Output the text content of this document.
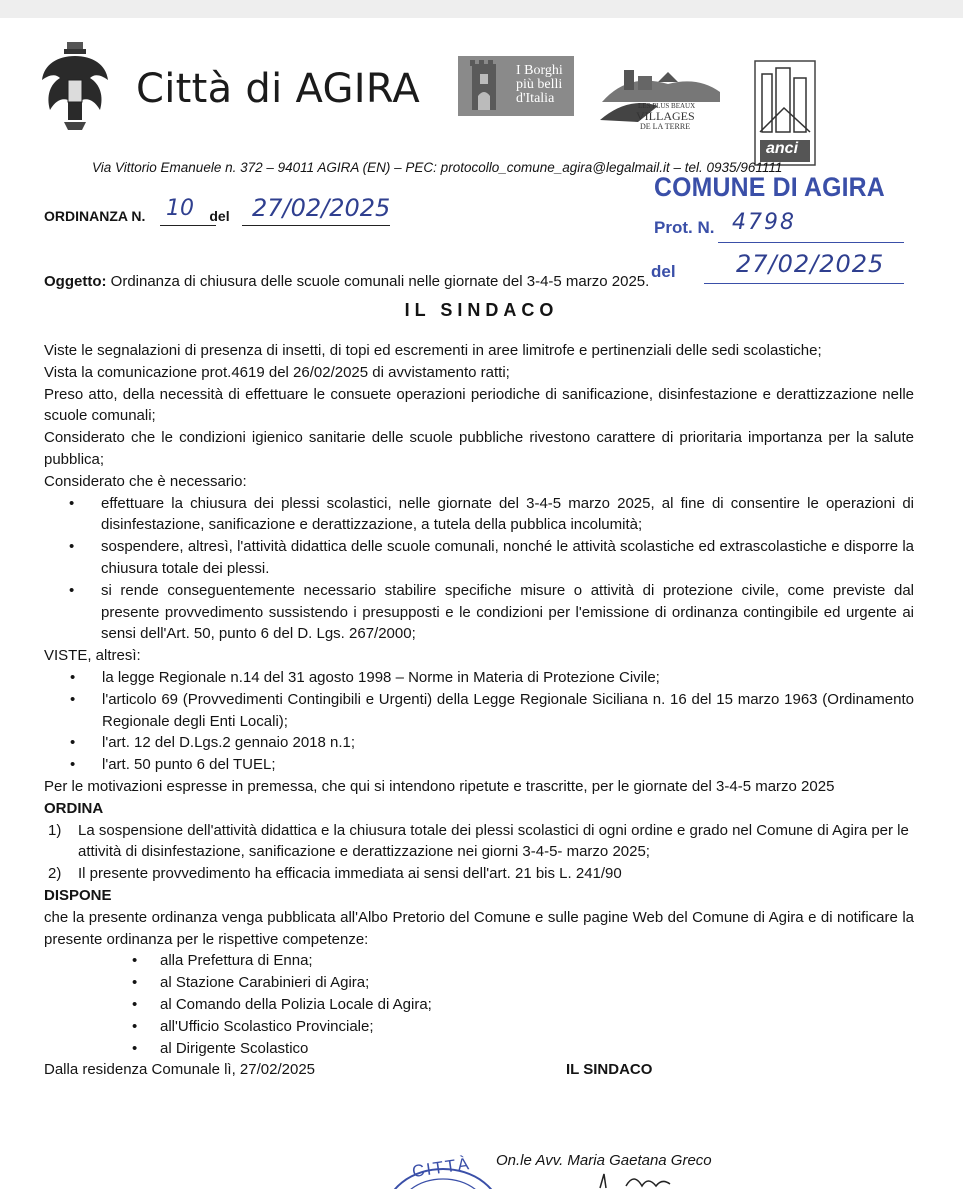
Città di AGIRA	I Borghi
più belli
d'Italia	LES PLUS BEAUX
VILLAGES
DE LA TERRE
anci
Via Vittorio Emanuele n. 372 – 94011 AGIRA (EN) – PEC: protocollo_comune_agira@legalmail.it – tel. 0935/961111
COMUNE DI AGIRA
Prot. N. 4798
del	27/02/2025
ORDINANZA N.	del
10 27/02/2025
Oggetto: Ordinanza di chiusura delle scuole comunali nelle giornate del 3-4-5 marzo 2025.
IL SINDACO

Viste le segnalazioni di presenza di insetti, di topi ed escrementi in aree limitrofe e pertinenziali delle sedi scolastiche;

Vista la comunicazione prot.4619 del 26/02/2025 di avvistamento ratti;

Preso atto, della necessità di effettuare le consuete operazioni periodiche di sanificazione, disinfestazione e derattizzazione nelle scuole comunali;

Considerato che le condizioni igienico sanitarie delle scuole pubbliche rivestono carattere di prioritaria importanza per la salute pubblica;

Considerato che è necessario:

• effettuare la chiusura dei plessi scolastici, nelle giornate del 3-4-5 marzo 2025, al fine di consentire le operazioni di disinfestazione, sanificazione e derattizzazione, a tutela della pubblica incolumità;
• sospendere, altresì, l'attività didattica delle scuole comunali, nonché le attività scolastiche ed extrascolastiche e disporre la chiusura totale dei plessi.
• si rende conseguentemente necessario stabilire specifiche misure o attività di protezione civile, come previste dal presente provvedimento sussistendo i presupposti e le condizioni per l'emissione di ordinanza contingibile ed urgente ai sensi dell'Art. 50, punto 6 del D. Lgs. 267/2000;

VISTE, altresì:

• la legge Regionale n.14 del 31 agosto 1998 – Norme in Materia di Protezione Civile;
• l'articolo 69 (Provvedimenti Contingibili e Urgenti) della Legge Regionale Siciliana n. 16 del 15 marzo 1963 (Ordinamento Regionale degli Enti Locali);
• l'art. 12 del D.Lgs.2 gennaio 2018 n.1;
• l'art. 50 punto 6 del TUEL;

Per le motivazioni espresse in premessa, che qui si intendono ripetute e trascritte, per le giornate del 3-4-5 marzo 2025

ORDINA

1) La sospensione dell'attività didattica e la chiusura totale dei plessi scolastici di ogni ordine e grado nel Comune di Agira per le attività di disinfestazione, sanificazione e derattizzazione nei giorni 3-4-5- marzo 2025;
2) Il presente provvedimento ha efficacia immediata ai sensi dell'art. 21 bis L. 241/90

DISPONE

che la presente ordinanza venga pubblicata all'Albo Pretorio del Comune e sulle pagine Web del Comune di Agira e di notificare la presente ordinanza per le rispettive competenze:

• alla Prefettura di Enna;
• al Stazione Carabinieri di Agira;
• al Comando della Polizia Locale di Agira;
• all'Ufficio Scolastico Provinciale;
• al Dirigente Scolastico
Dalla residenza Comunale lì, 27/02/2025	IL SINDACO
CITTÀ On.le Avv. Maria Gaetana Greco
